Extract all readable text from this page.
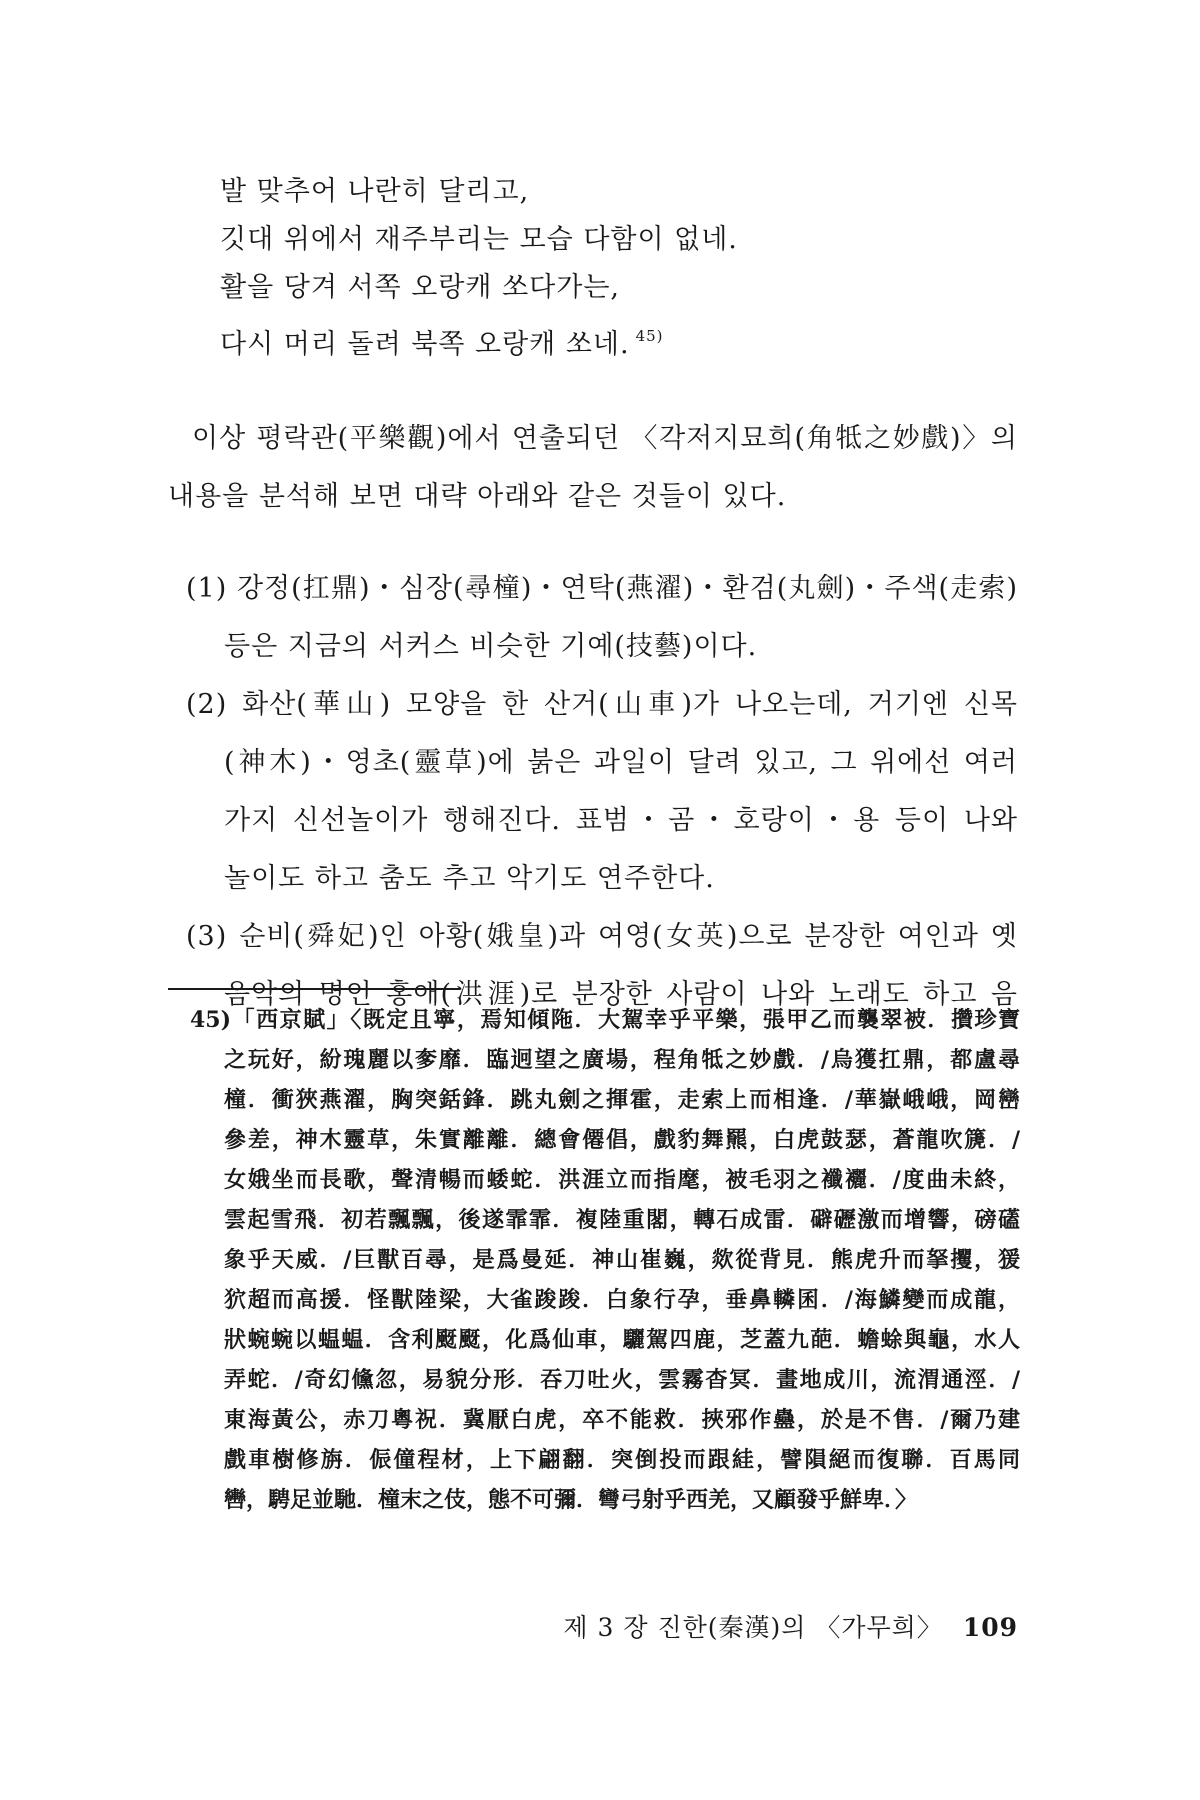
발 맞추어 나란히 달리고,
깃대 위에서 재주부리는 모습 다함이 없네.
활을 당겨 서쪽 오랑캐 쏘다가는,
다시 머리 돌려 북쪽 오랑캐 쏘네. $^{45)}$
이상 평락관(平樂觀)에서 연출되던 〈각저지묘희(角牴之妙戲)〉의
내용을 분석해 보면 대략 아래와 같은 것들이 있다.
(1) 강정(扛鼎)・심장(尋橦)・연탁(燕濯)・환검(丸劍)・주색(走索)
등은 지금의 서커스 비슷한 기예(技藝)이다.
(2) 화산(華山) 모양을 한 산거(山車)가 나오는데, 거기엔 신목
(神木)・영초(靈草)에 붉은 과일이 달려 있고, 그 위에선 여러
가지 신선놀이가 행해진다. 표범・곰・호랑이・용 등이 나와
놀이도 하고 춤도 추고 악기도 연주한다.
(3) 순비(舜妃)인 아황(娥皇)과 여영(女英)으로 분장한 여인과 옛
음악의 명인 홍애(洪涯)로 분장한 사람이 나와 노래도 하고 음
45)「西京賦」〈既定且寧，焉知傾陁．大駕幸乎平樂，張甲乙而襲翠被．攢珍寶
之玩好，紛瑰麗以奓靡．臨迥望之廣場，程角牴之妙戲．/烏獲扛鼎，都盧尋
橦．衝狹燕濯，胸突銛鋒．跳丸劍之揮霍，走索上而相逢．/華嶽峨峨，岡巒
參差，神木靈草，朱實離離．總會僊倡，戲豹舞羆，白虎鼓瑟，蒼龍吹篪．/
女娥坐而長歌，聲清暢而蜲蛇．洪涯立而指麾，被毛羽之襳襹．/度曲未終，
雲起雪飛．初若飄飄，後遂霏霏．複陸重閣，轉石成雷．礔礰激而增響，磅礚
象乎天威．/巨獸百尋，是爲曼延．神山崔巍，欻從背見．熊虎升而拏攫，猨
狖超而高援．怪獸陸梁，大雀踆踆．白象行孕，垂鼻轔囷．/海鱗變而成龍，
狀蜿蜿以蝹蝹．含利颬颬，化爲仙車，驪駕四鹿，芝蓋九葩．蟾蜍與龜，水人
弄蛇．/奇幻儵忽，易貌分形．吞刀吐火，雲霧杳冥．畫地成川，流渭通涇．/
東海黃公，赤刀粵祝．冀厭白虎，卒不能救．挾邪作蠱，於是不售．/爾乃建
戲車樹修旃．侲僮程材，上下翩翻．突倒投而跟絓，譬隕絕而復聯．百馬同
轡，騁足並馳．橦末之伎，態不可彌．彎弓射乎西羌，又顧發乎鮮卑．〉
제 3 장 진한(秦漢)의 〈가무희〉 109
